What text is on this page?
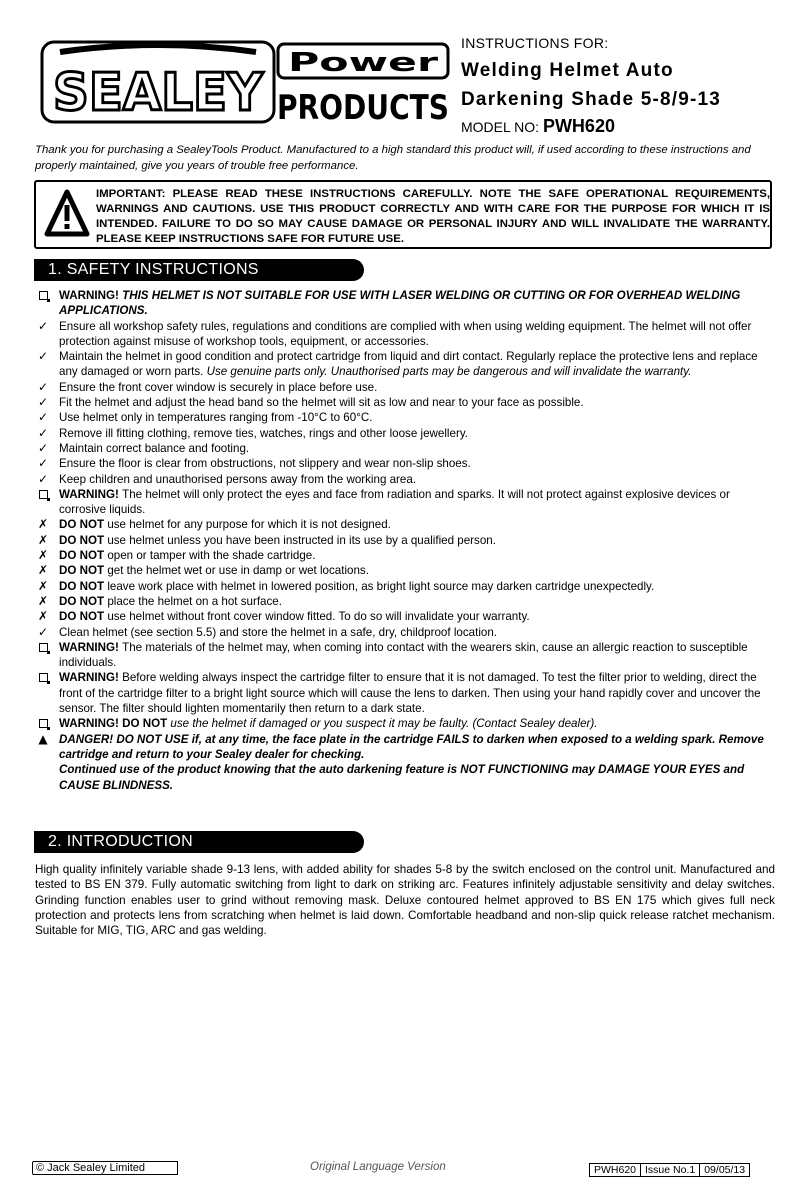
SEALEY Power
PRODUCTS
INSTRUCTIONS FOR:
Welding Helmet Auto
Darkening Shade 5-8/9-13
MODEL NO: PWH620
Thank you for purchasing a SealeyTools Product. Manufactured to a high standard this product will, if used according to these instructions and properly maintained, give you years of trouble free performance.
IMPORTANT: PLEASE READ THESE INSTRUCTIONS CAREFULLY. NOTE THE SAFE OPERATIONAL REQUIREMENTS, WARNINGS AND CAUTIONS. USE THIS PRODUCT CORRECTLY AND WITH CARE FOR THE PURPOSE FOR WHICH IT IS INTENDED. FAILURE TO DO SO MAY CAUSE DAMAGE OR PERSONAL INJURY AND WILL INVALIDATE THE WARRANTY. PLEASE KEEP INSTRUCTIONS SAFE FOR FUTURE USE.
1. SAFETY INSTRUCTIONS
WARNING! THIS HELMET IS NOT SUITABLE FOR USE WITH LASER WELDING OR CUTTING OR FOR OVERHEAD WELDING APPLICATIONS.
✓ Ensure all workshop safety rules, regulations and conditions are complied with when using welding equipment. The helmet will not offer protection against misuse of workshop tools, equipment, or accessories.
✓ Maintain the helmet in good condition and protect cartridge from liquid and dirt contact. Regularly replace the protective lens and replace any damaged or worn parts. Use genuine parts only. Unauthorised parts may be dangerous and will invalidate the warranty.
✓ Ensure the front cover window is securely in place before use.
✓ Fit the helmet and adjust the head band so the helmet will sit as low and near to your face as possible.
✓ Use helmet only in temperatures ranging from -10°C to 60°C.
✓ Remove ill fitting clothing, remove ties, watches, rings and other loose jewellery.
✓ Maintain correct balance and footing.
✓ Ensure the floor is clear from obstructions, not slippery and wear non-slip shoes.
✓ Keep children and unauthorised persons away from the working area.
WARNING! The helmet will only protect the eyes and face from radiation and sparks. It will not protect against explosive devices or corrosive liquids.
✗ DO NOT use helmet for any purpose for which it is not designed.
✗ DO NOT use helmet unless you have been instructed in its use by a qualified person.
✗ DO NOT open or tamper with the shade cartridge.
✗ DO NOT get the helmet wet or use in damp or wet locations.
✗ DO NOT leave work place with helmet in lowered position, as bright light source may darken cartridge unexpectedly.
✗ DO NOT place the helmet on a hot surface.
✗ DO NOT use helmet without front cover window fitted. To do so will invalidate your warranty.
✓ Clean helmet (see section 5.5) and store the helmet in a safe, dry, childproof location.
WARNING! The materials of the helmet may, when coming into contact with the wearers skin, cause an allergic reaction to susceptible individuals.
WARNING! Before welding always inspect the cartridge filter to ensure that it is not damaged. To test the filter prior to welding, direct the front of the cartridge filter to a bright light source which will cause the lens to darken. Then using your hand rapidly cover and uncover the sensor. The filter should lighten momentarily then return to a dark state.
WARNING! DO NOT use the helmet if damaged or you suspect it may be faulty. (Contact Sealey dealer).
▲ DANGER! DO NOT USE if, at any time, the face plate in the cartridge FAILS to darken when exposed to a welding spark. Remove cartridge and return to your Sealey dealer for checking.
Continued use of the product knowing that the auto darkening feature is NOT FUNCTIONING may DAMAGE YOUR EYES and CAUSE BLINDNESS.
2. INTRODUCTION
High quality infinitely variable shade 9-13 lens, with added ability for shades 5-8 by the switch enclosed on the control unit. Manufactured and tested to BS EN 379. Fully automatic switching from light to dark on striking arc. Features infinitely adjustable sensitivity and delay switches. Grinding function enables user to grind without removing mask. Deluxe contoured helmet approved to BS EN 175 which gives full neck protection and protects lens from scratching when helmet is laid down. Comfortable headband and non-slip quick release ratchet mechanism. Suitable for MIG, TIG, ARC and gas welding.
© Jack Sealey Limited	Original Language Version	PWH620 Issue No.1 09/05/13
